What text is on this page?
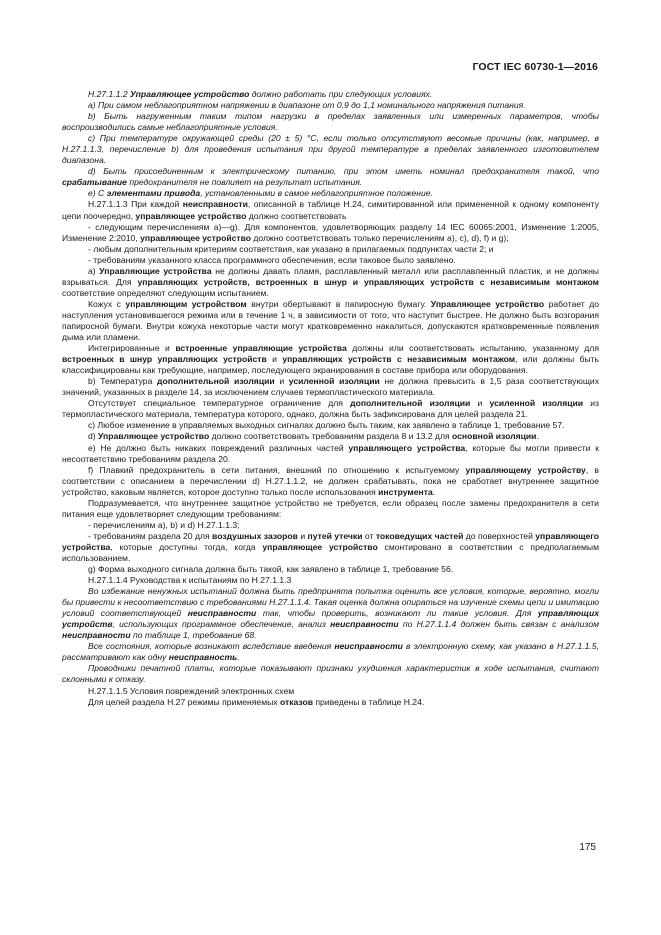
ГОСТ IEC 60730-1—2016

Н.27.1.1.2 Управляющее устройство должно работать при следующих условиях.

а) При самом неблагоприятном напряжении в диапазоне от 0,9 до 1,1 номинального напряжения питания.

b) Быть нагруженным таким типом нагрузки в пределах заявленных или измеренных параметров, чтобы воспроизводились самые неблагоприятные условия.

с) При температуре окружающей среды (20 ± 5) °С, если только отсутствуют весомые причины (как, например, в Н.27.1.1.3, перечисление b) для проведения испытания при другой температуре в пределах заявленного изготовителем диапазона.

d) Быть присоединенным к электрическому питанию, при этом иметь номинал предохранителя такой, что срабатывание предохранителя не повлияет на результат испытания.

е) С элементами привода, установленными в самое неблагоприятное положение.

Н.27.1.1.3 При каждой неисправности, описанной в таблице Н.24, симитированной или примененной к одному компоненту цепи поочередно, управляющее устройство должно соответствовать

- следующим перечислениям а)—g). Для компонентов, удовлетворяющих разделу 14 IEC 60065:2001, Изменение 1:2005, Изменение 2:2010, управляющее устройство должно соответствовать только перечислениям а), с), d), f) и g);

- любым дополнительным критериям соответствия, как указано в прилагаемых подпунктах части 2; и

- требованиям указанного класса программного обеспечения, если таковое было заявлено.

а) Управляющие устройства не должны давать пламя, расплавленный металл или расплавленный пластик, и не должны взрываться. Для управляющих устройств, встроенных в шнур и управляющих устройств с независимым монтажом соответствие определяют следующим испытанием.

Кожух с управляющим устройством внутри обертывают в папиросную бумагу. Управляющее устройство работает до наступления установившегося режима или в течение 1 ч, в зависимости от того, что наступит быстрее. Не должно быть возгорания папиросной бумаги. Внутри кожуха некоторые части могут кратковременно накалиться, допускаются кратковременные появления дыма или пламени.

Интегрированные и встроенные управляющие устройства должны или соответствовать испытанию, указанному для встроенных в шнур управляющих устройств и управляющих устройств с независимым монтажом, или должны быть классифицированы как требующие, например, последующего экранирования в составе прибора или оборудования.

b) Температура дополнительной изоляции и усиленной изоляции не должна превысить в 1,5 раза соответствующих значений, указанных в разделе 14, за исключением случаев термопластического материала.

Отсутствует специальное температурное ограничение для дополнительной изоляции и усиленной изоляции из термопластического материала, температура которого, однако, должна быть зафиксирована для целей раздела 21.

с) Любое изменение в управляемых выходных сигналах должно быть таким, как заявлено в таблице 1, требование 57.

d) Управляющее устройство должно соответствовать требованиям раздела 8 и 13.2 для основной изоляции.

е) Не должно быть никаких повреждений различных частей управляющего устройства, которые бы могли привести к несоответствию требованиям раздела 20.

f) Плавкий предохранитель в сети питания, внешний по отношению к испытуемому управляющему устройству, в соответствии с описанием в перечислении d) Н.27.1.1.2, не должен срабатывать, пока не сработает внутреннее защитное устройство, каковым является, которое доступно только после использования инструмента.

Подразумевается, что внутреннее защитное устройство не требуется, если образец после замены предохранителя в сети питания еще удовлетворяет следующим требованиям:

- перечислениям а), b) и d) Н.27.1.1.3;

- требованиям раздела 20 для воздушных зазоров и путей утечки от токоведущих частей до поверхностей управляющего устройства, которые доступны тогда, когда управляющее устройство смонтировано в соответствии с предполагаемым использованием.

g) Форма выходного сигнала должна быть такой, как заявлено в таблице 1, требование 56.

Н.27.1.1.4 Руководства к испытаниям по Н.27.1.1.3

Во избежание ненужных испытаний должна быть предпринята попытка оценить все условия, которые, вероятно, могли бы привести к несоответствию с требованиями Н.27.1.1.4. Такая оценка должна опираться на изучение схемы цепи и имитацию условий соответствующей неисправности так, чтобы проверить, возникают ли такие условия. Для управляющих устройств, использующих программное обеспечение, анализ неисправности по Н.27.1.1.4 должен быть связан с анализом неисправности по таблице 1, требование 68.

Все состояния, которые возникают вследствие введения неисправности в электронную схему, как указано в Н.27.1.1.5, рассматривают как одну неисправность.

Проводники печатной платы, которые показывают признаки ухудшения характеристик в ходе испытания, считают склонными к отказу.

Н.27.1.1.5 Условия повреждений электронных схем

Для целей раздела Н.27 режимы применяемых отказов приведены в таблице Н.24.

175
